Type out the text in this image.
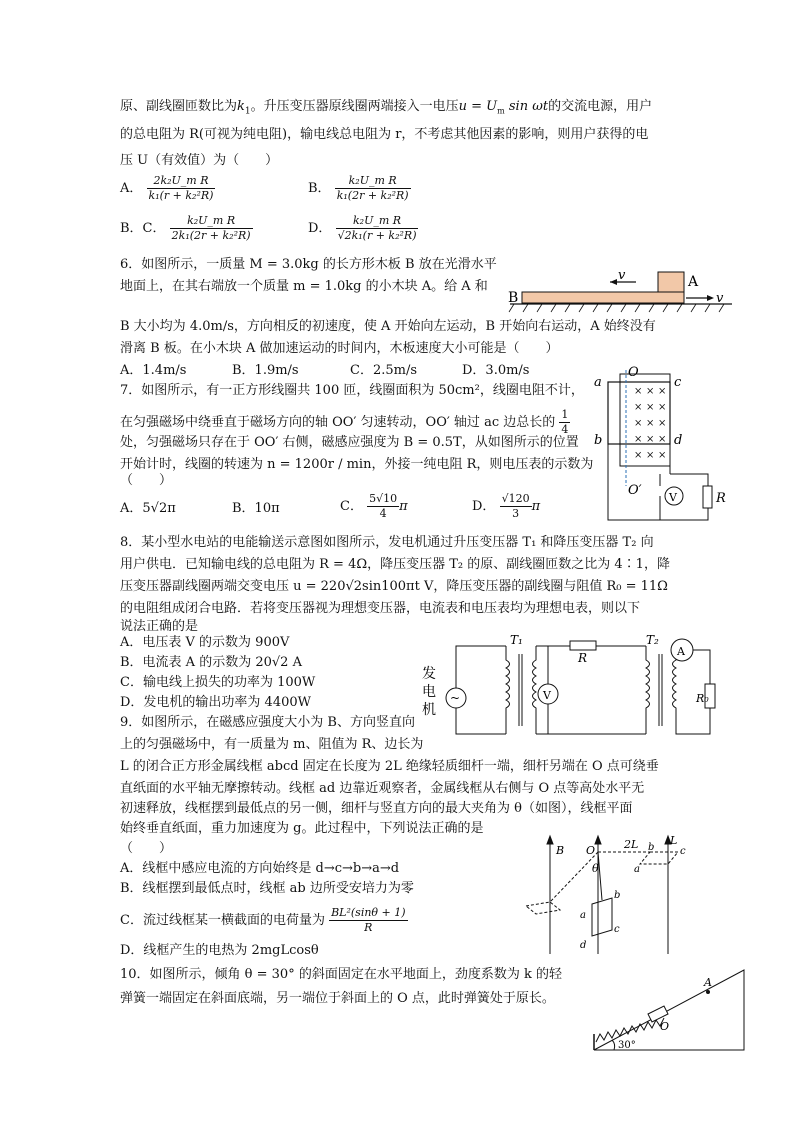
原、副线圈匝数比为$k_1$。升压变压器原线圈两端接入一电压$u = U_m$ sin ωt的交流电源，用户
的总电阻为 R(可视为纯电阻)，输电线总电阻为 r，不考虑其他因素的影响，则用户获得的电
压 U（有效值）为（　　）
A． $\frac{\text{2k₂U\_m R}}{\text{k₁(r + k₂²R)}}$	B． $\frac{\text{k₂U\_m R}}{\text{k₁(2r + k₂²R)}}$
B．C． $\frac{\text{k₂U\_m R}}{\text{2k₁(2r + k₂²R)}}$	D． $\frac{\text{k₂U\_m R}}{\text{√2k₁(r + k₂²R)}}$
6．如图所示，一质量 M = 3.0kg 的长方形木板 B 放在光滑水平
地面上，在其右端放一个质量 m = 1.0kg 的小木块 A。给 A 和
B 大小均为 4.0m/s，方向相反的初速度，使 A 开始向左运动，B 开始向右运动，A 始终没有
滑离 B 板。在小木块 A 做加速运动的时间内，木板速度大小可能是（　　）
A．1.4m/s	B．1.9m/s	C．2.5m/s	D．3.0m/s
v	A
B	v
7．如图所示，有一正方形线圈共 100 匝，线圈面积为 50cm²，线圈电阻不计，
在匀强磁场中绕垂直于磁场方向的轴 OO′ 匀速转动，OO′ 轴过 ac 边总长的 $\frac{1}{4}$
处，匀强磁场只存在于 OO′ 右侧，磁感应强度为 B = 0.5T，从如图所示的位置
开始计时，线圈的转速为 n = 1200r / min，外接一纯电阻 R，则电压表的示数为
（　　）
A．5√2π	B．10π	C． $\frac{5√10}{4}$ π	D． $\frac{√120}{3}$ π
a
O
c
b	d
× × ×
× × ×
× × ×
× × ×
× × ×
O′ V	R
8．某小型水电站的电能输送示意图如图所示，发电机通过升压变压器 T₁ 和降压变压器 T₂ 向
用户供电．已知输电线的总电阻为 R = 4Ω，降压变压器 T₂ 的原、副线圈匝数之比为 4∶1，降
压变压器副线圈两端交变电压 u = 220√2sin100πt V，降压变压器的副线圈与阻值 R₀ = 11Ω
的电阻组成闭合电路．若将变压器视为理想变压器，电流表和电压表均为理想电表，则以下
说法正确的是
A．电压表 V 的示数为 900V
B．电流表 A 的示数为 20√2 A
C．输电线上损失的功率为 100W
D．发电机的输出功率为 4400W
发
电
机
~
T₁
V
R
T₂
A
R₀
9．如图所示，在磁感应强度大小为 B、方向竖直向
上的匀强磁场中，有一质量为 m、阻值为 R、边长为
L 的闭合正方形金属线框 abcd 固定在长度为 2L 绝缘轻质细杆一端，细杆另端在 O 点可绕垂
直纸面的水平轴无摩擦转动。线框 ad 边靠近观察者，金属线框从右侧与 O 点等高处水平无
初速释放，线框摆到最低点的另一侧，细杆与竖直方向的最大夹角为 θ（如图），线框平面
始终垂直纸面，重力加速度为 g。此过程中，下列说法正确的是
（　　）
A．线框中感应电流的方向始终是 d→c→b→a→d
B．线框摆到最低点时，线框 ab 边所受安培力为零
C．流过线框某一横截面的电荷量为 $\frac{\text{BL²(sinθ + 1)}}{R}$
D．线框产生的电热为 2mgLcosθ
B O	2L	L
b	c
a
θ
a
b
c
d
10．如图所示，倾角 θ = 30° 的斜面固定在水平地面上，劲度系数为 k 的轻
弹簧一端固定在斜面底端，另一端位于斜面上的 O 点，此时弹簧处于原长。
O
A
30°
